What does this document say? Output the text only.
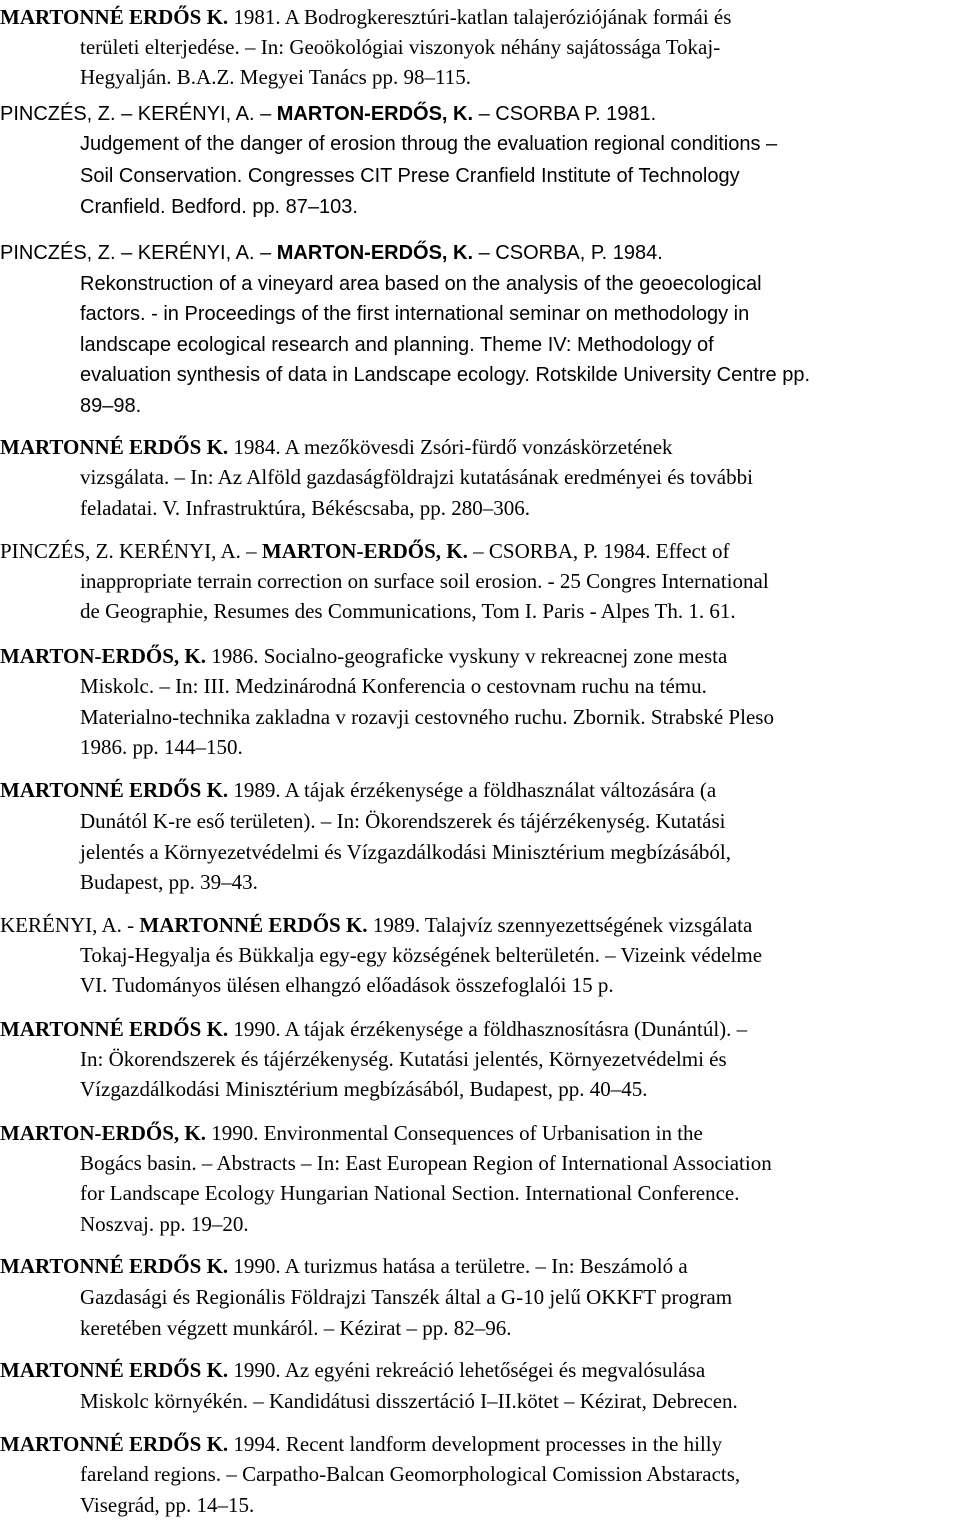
MARTONNÉ ERDŐS K. 1981. A Bodrogkeresztúri-katlan talajeróziójának formái és
területi elterjedése. – In: Geoökológiai viszonyok néhány sajátossága Tokaj-
Hegyalján. B.A.Z. Megyei Tanács pp. 98–115.
PINCZÉS, Z. – KERÉNYI, A. – MARTON-ERDŐS, K. – CSORBA P. 1981.
Judgement of the danger of erosion throug the evaluation regional conditions –
Soil Conservation. Congresses CIT Prese Cranfield Institute of Technology
Cranfield. Bedford. pp. 87–103.
PINCZÉS, Z. – KERÉNYI, A. – MARTON-ERDŐS, K. – CSORBA, P. 1984.
Rekonstruction of a vineyard area based on the analysis of the geoecological
factors. - in Proceedings of the first international seminar on methodology in
landscape ecological research and planning. Theme IV: Methodology of
evaluation synthesis of data in Landscape ecology. Rotskilde University Centre pp.
89–98.
MARTONNÉ ERDŐS K. 1984. A mezőkövesdi Zsóri-fürdő vonzáskörzetének
vizsgálata. – In: Az Alföld gazdaságföldrajzi kutatásának eredményei és további
feladatai. V. Infrastruktúra, Békéscsaba, pp. 280–306.
PINCZÉS, Z. KERÉNYI, A. – MARTON-ERDŐS, K. – CSORBA, P. 1984. Effect of
inappropriate terrain correction on surface soil erosion. - 25 Congres International
de Geographie, Resumes des Communications, Tom I. Paris - Alpes Th. 1. 61.
MARTON-ERDŐS, K. 1986. Socialno-geograficke vyskuny v rekreacnej zone mesta
Miskolc. – In: III. Medzinárodná Konferencia o cestovnam ruchu na tému.
Materialno-technika zakladna v rozavji cestovného ruchu. Zbornik. Strabské Pleso
1986. pp. 144–150.
MARTONNÉ ERDŐS K. 1989. A tájak érzékenysége a földhasználat változására (a
Dunától K-re eső területen). – In: Ökorendszerek és tájérzékenység. Kutatási
jelentés a Környezetvédelmi és Vízgazdálkodási Minisztérium megbízásából,
Budapest, pp. 39–43.
KERÉNYI, A. - MARTONNÉ ERDŐS K. 1989. Talajvíz szennyezettségének vizsgálata
Tokaj-Hegyalja és Bükkalja egy-egy községének belterületén. – Vizeink védelme
VI. Tudományos ülésen elhangzó előadások összefoglalói 15 p.
MARTONNÉ ERDŐS K. 1990. A tájak érzékenysége a földhasznosításra (Dunántúl). –
In: Ökorendszerek és tájérzékenység. Kutatási jelentés, Környezetvédelmi és
Vízgazdálkodási Minisztérium megbízásából, Budapest, pp. 40–45.
MARTON-ERDŐS, K. 1990. Environmental Consequences of Urbanisation in the
Bogács basin. – Abstracts – In: East European Region of International Association
for Landscape Ecology Hungarian National Section. International Conference.
Noszvaj. pp. 19–20.
MARTONNÉ ERDŐS K. 1990. A turizmus hatása a területre. – In: Beszámoló a
Gazdasági és Regionális Földrajzi Tanszék által a G-10 jelű OKKFT program
keretében végzett munkáról. – Kézirat – pp. 82–96.
MARTONNÉ ERDŐS K. 1990. Az egyéni rekreáció lehetőségei és megvalósulása
Miskolc környékén. – Kandidátusi disszertáció I–II.kötet – Kézirat, Debrecen.
MARTONNÉ ERDŐS K. 1994. Recent landform development processes in the hilly
fareland regions. – Carpatho-Balcan Geomorphological Comission Abstaracts,
Visegrád, pp. 14–15.
